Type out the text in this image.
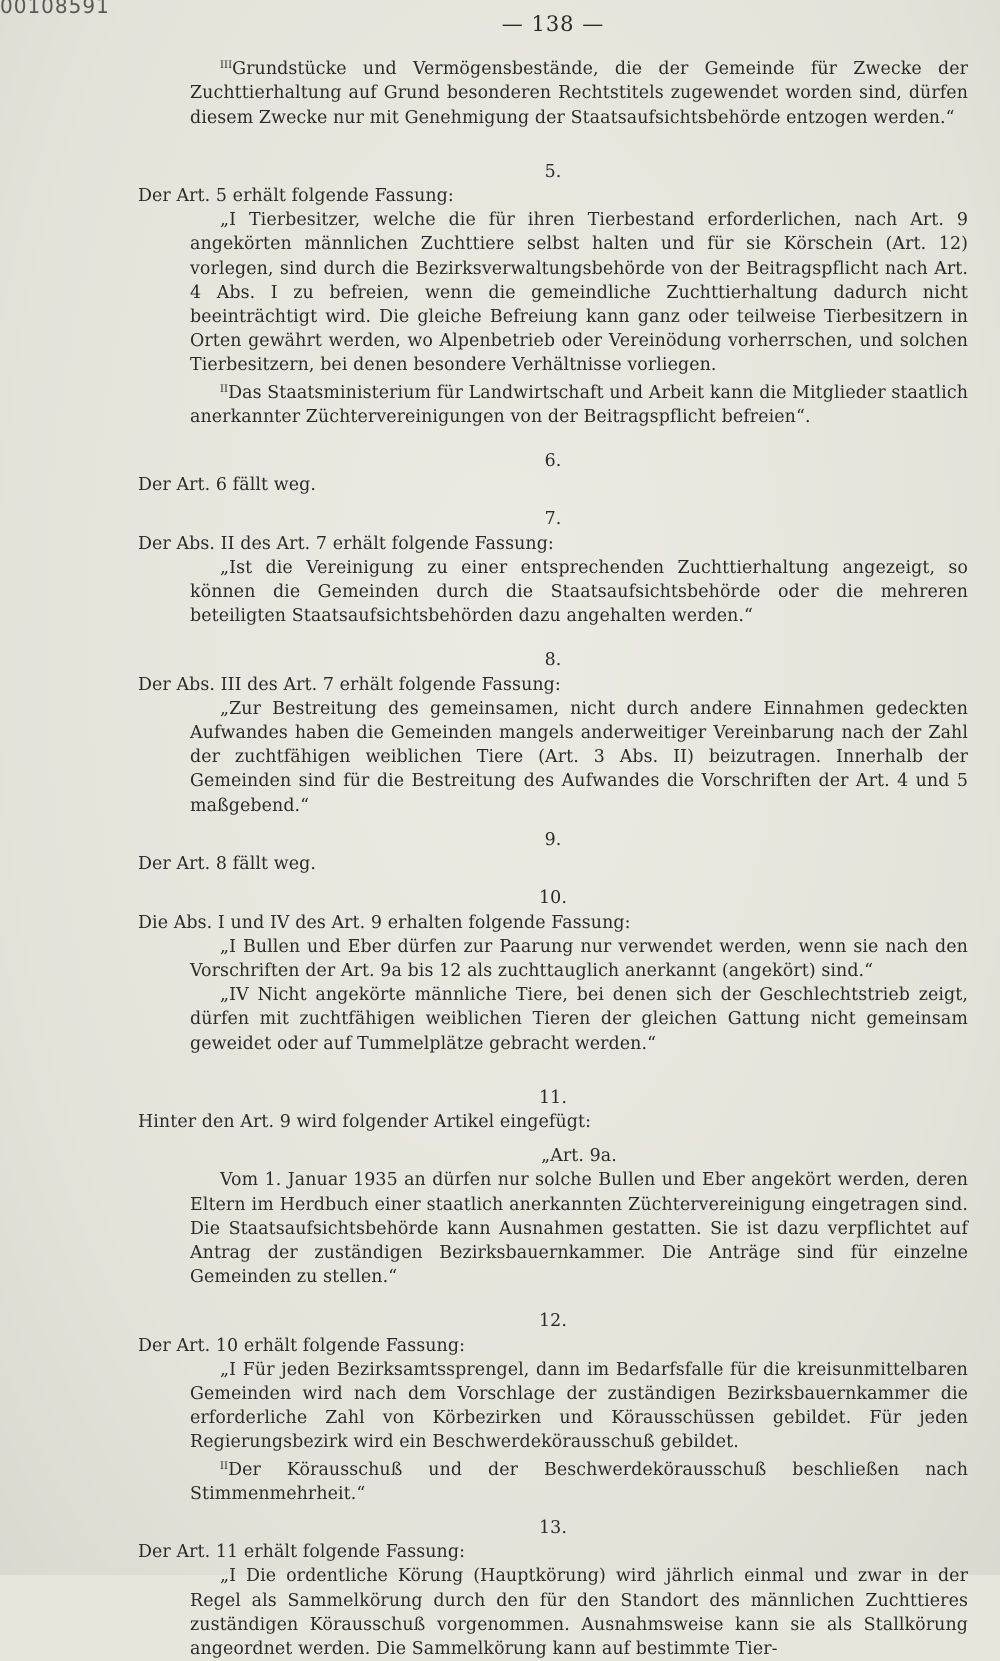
00108591
— 138 —

$^{III}$Grundstücke und Vermögensbestände, die der Gemeinde für Zwecke der Zuchttierhaltung auf Grund besonderen Rechtstitels zugewendet worden sind, dürfen diesem Zwecke nur mit Genehmigung der Staatsaufsichtsbehörde entzogen werden.“

5.

Der Art. 5 erhält folgende Fassung:

„I Tierbesitzer, welche die für ihren Tierbestand erforderlichen, nach Art. 9 angekörten männlichen Zuchttiere selbst halten und für sie Körschein (Art. 12) vorlegen, sind durch die Bezirksverwaltungsbehörde von der Beitragspflicht nach Art. 4 Abs. I zu befreien, wenn die gemeindliche Zuchttierhaltung dadurch nicht beeinträchtigt wird. Die gleiche Befreiung kann ganz oder teilweise Tierbesitzern in Orten gewährt werden, wo Alpenbetrieb oder Vereinödung vorherrschen, und solchen Tierbesitzern, bei denen besondere Verhältnisse vorliegen.

$^{II}$Das Staatsministerium für Landwirtschaft und Arbeit kann die Mitglieder staatlich anerkannter Züchtervereinigungen von der Beitragspflicht befreien“.

6.

Der Art. 6 fällt weg.

7.

Der Abs. II des Art. 7 erhält folgende Fassung:

„Ist die Vereinigung zu einer entsprechenden Zuchttierhaltung angezeigt, so können die Gemeinden durch die Staatsaufsichtsbehörde oder die mehreren beteiligten Staatsaufsichtsbehörden dazu angehalten werden.“

8.

Der Abs. III des Art. 7 erhält folgende Fassung:

„Zur Bestreitung des gemeinsamen, nicht durch andere Einnahmen gedeckten Aufwandes haben die Gemeinden mangels anderweitiger Vereinbarung nach der Zahl der zuchtfähigen weiblichen Tiere (Art. 3 Abs. II) beizutragen. Innerhalb der Gemeinden sind für die Bestreitung des Aufwandes die Vorschriften der Art. 4 und 5 maßgebend.“

9.

Der Art. 8 fällt weg.

10.

Die Abs. I und IV des Art. 9 erhalten folgende Fassung:

„I Bullen und Eber dürfen zur Paarung nur verwendet werden, wenn sie nach den Vorschriften der Art. 9a bis 12 als zuchttauglich anerkannt (angekört) sind.“

„IV Nicht angekörte männliche Tiere, bei denen sich der Geschlechtstrieb zeigt, dürfen mit zuchtfähigen weiblichen Tieren der gleichen Gattung nicht gemeinsam geweidet oder auf Tummelplätze gebracht werden.“

11.

Hinter den Art. 9 wird folgender Artikel eingefügt:

„Art. 9a.

Vom 1. Januar 1935 an dürfen nur solche Bullen und Eber angekört werden, deren Eltern im Herdbuch einer staatlich anerkannten Züchtervereinigung eingetragen sind. Die Staatsaufsichtsbehörde kann Ausnahmen gestatten. Sie ist dazu verpflichtet auf Antrag der zuständigen Bezirksbauernkammer. Die Anträge sind für einzelne Gemeinden zu stellen.“

12.

Der Art. 10 erhält folgende Fassung:

„I Für jeden Bezirksamtssprengel, dann im Bedarfsfalle für die kreisunmittelbaren Gemeinden wird nach dem Vorschlage der zuständigen Bezirksbauernkammer die erforderliche Zahl von Körbezirken und Körausschüssen gebildet. Für jeden Regierungsbezirk wird ein Beschwerdekörausschuß gebildet.

$^{II}$Der Körausschuß und der Beschwerdekörausschuß beschließen nach Stimmenmehrheit.“

13.

Der Art. 11 erhält folgende Fassung:

„I Die ordentliche Körung (Hauptkörung) wird jährlich einmal und zwar in der Regel als Sammelkörung durch den für den Standort des männlichen Zuchttieres zuständigen Körausschuß vorgenommen. Ausnahmsweise kann sie als Stallkörung angeordnet werden. Die Sammelkörung kann auf bestimmte Tier-
